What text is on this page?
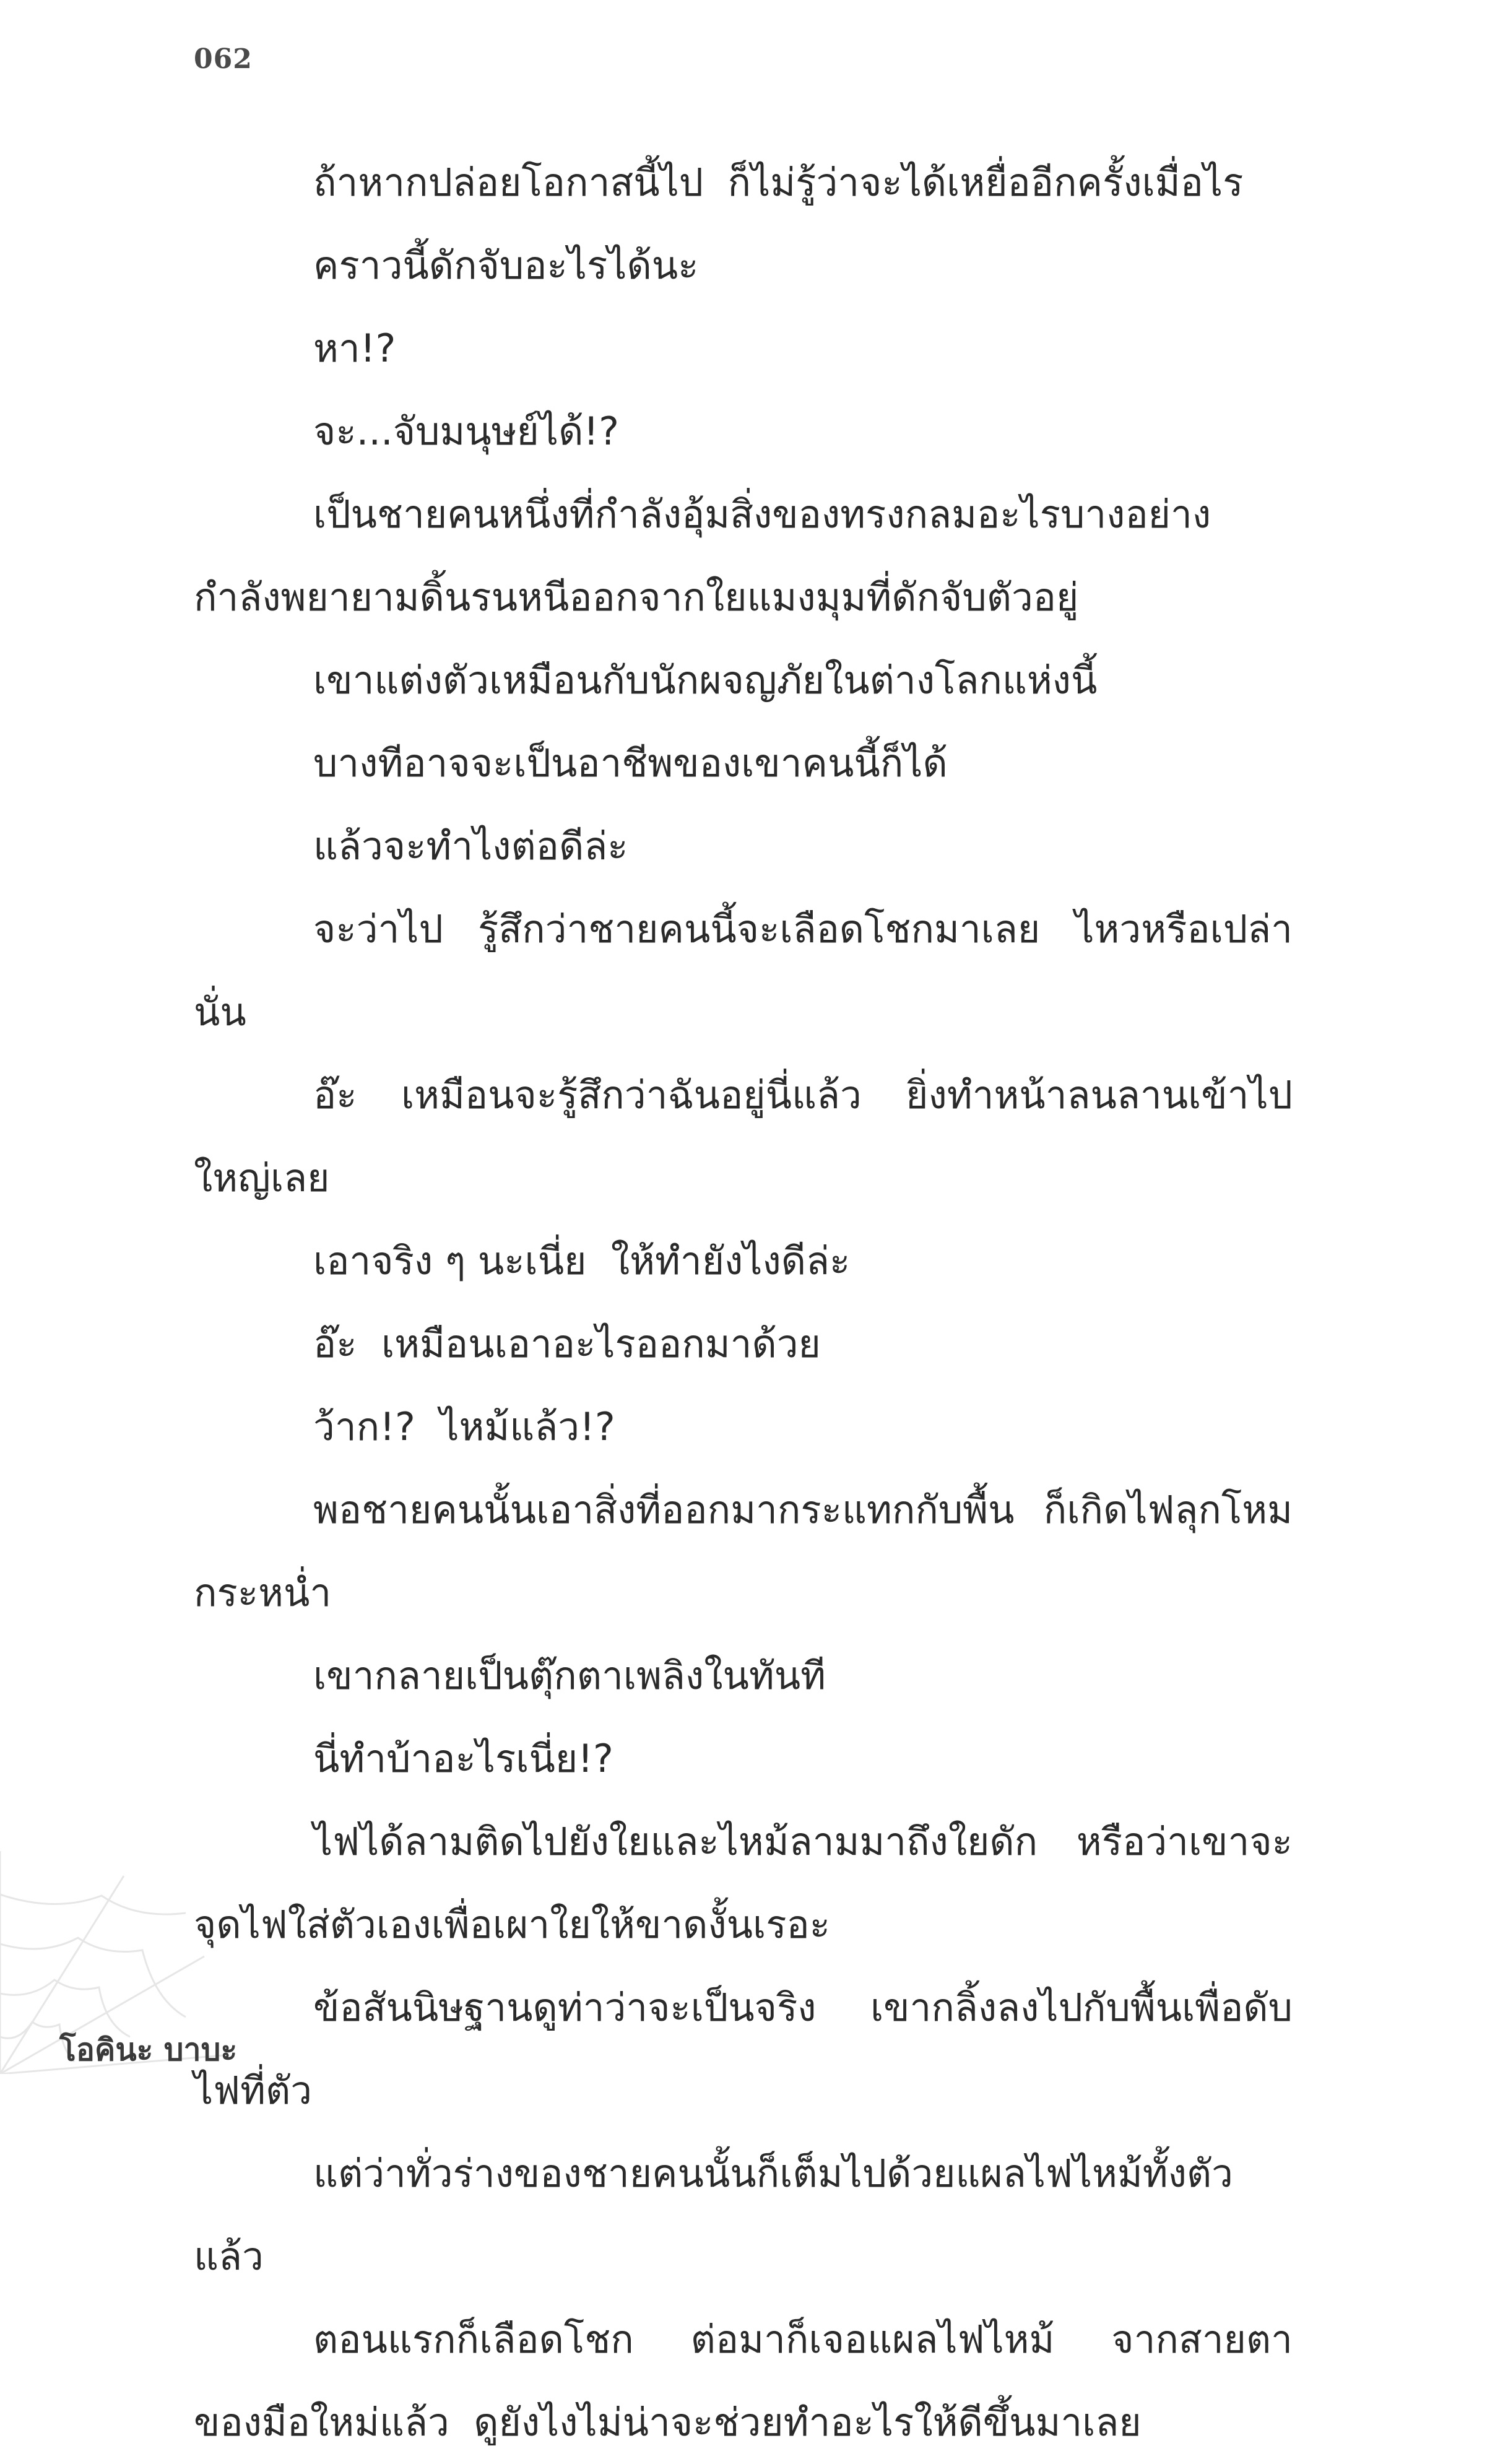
062

ถ้าหากปล่อยโอกาสนี้ไป  ก็ไม่รู้ว่าจะได้เหยื่ออีกครั้งเมื่อไร

คราวนี้ดักจับอะไรได้นะ

หา!?

จะ...จับมนุษย์ได้!?

เป็นชายคนหนึ่งที่กำลังอุ้มสิ่งของทรงกลมอะไรบางอย่างกำลังพยายามดิ้นรนหนีออกจากใยแมงมุมที่ดักจับตัวอยู่

เขาแต่งตัวเหมือนกับนักผจญภัยในต่างโลกแห่งนี้

บางทีอาจจะเป็นอาชีพของเขาคนนี้ก็ได้

แล้วจะทำไงต่อดีล่ะ

จะว่าไป  รู้สึกว่าชายคนนี้จะเลือดโชกมาเลย  ไหวหรือเปล่านั่น

อ๊ะ  เหมือนจะรู้สึกว่าฉันอยู่นี่แล้ว  ยิ่งทำหน้าลนลานเข้าไปใหญ่เลย

เอาจริง ๆ นะเนี่ย  ให้ทำยังไงดีล่ะ

อ๊ะ  เหมือนเอาอะไรออกมาด้วย

ว้าก!?  ไหม้แล้ว!?

พอชายคนนั้นเอาสิ่งที่ออกมากระแทกกับพื้น  ก็เกิดไฟลุกโหมกระหน่ำ

เขากลายเป็นตุ๊กตาเพลิงในทันที

นี่ทำบ้าอะไรเนี่ย!?

ไฟได้ลามติดไปยังใยและไหม้ลามมาถึงใยดัก  หรือว่าเขาจะจุดไฟใส่ตัวเองเพื่อเผาใยให้ขาดงั้นเรอะ

ข้อสันนิษฐานดูท่าว่าจะเป็นจริง  เขากลิ้งลงไปกับพื้นเพื่อดับไฟที่ตัว

แต่ว่าทั่วร่างของชายคนนั้นก็เต็มไปด้วยแผลไฟไหม้ทั้งตัวแล้ว

ตอนแรกก็เลือดโชก  ต่อมาก็เจอแผลไฟไหม้  จากสายตาของมือใหม่แล้ว  ดูยังไงไม่น่าจะช่วยทำอะไรให้ดีขึ้นมาเลย

โอคินะ บาบะ
